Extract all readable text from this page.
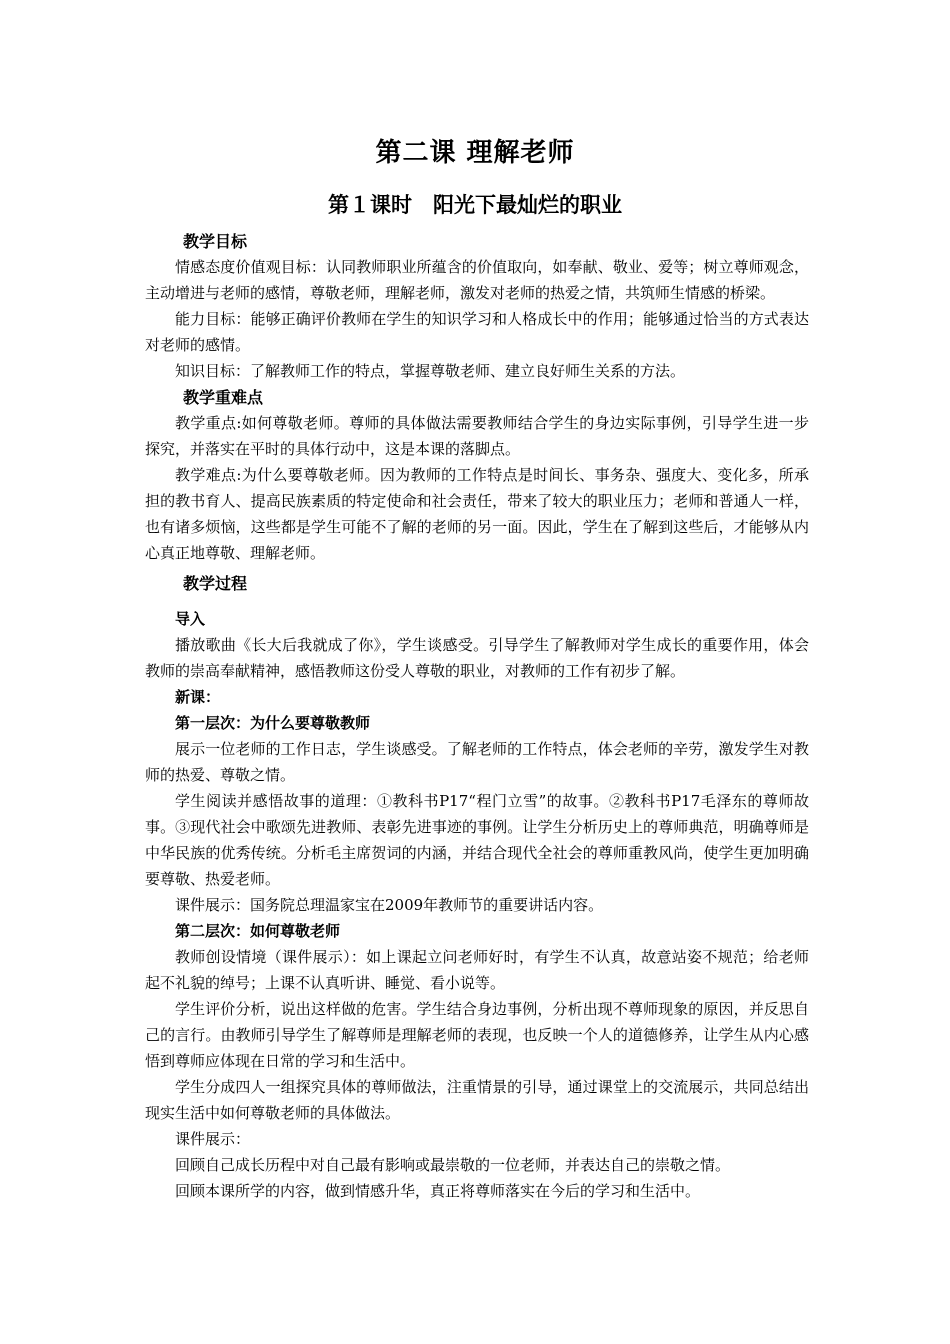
第二课 理解老师
第１课时　阳光下最灿烂的职业
教学目标

情感态度价值观目标：认同教师职业所蕴含的价值取向，如奉献、敬业、爱等；树立尊师观念，主动增进与老师的感情，尊敬老师，理解老师，激发对老师的热爱之情，共筑师生情感的桥梁。

能力目标：能够正确评价教师在学生的知识学习和人格成长中的作用；能够通过恰当的方式表达对老师的感情。

知识目标：了解教师工作的特点，掌握尊敬老师、建立良好师生关系的方法。

教学重难点

教学重点:如何尊敬老师。尊师的具体做法需要教师结合学生的身边实际事例，引导学生进一步探究，并落实在平时的具体行动中，这是本课的落脚点。

教学难点:为什么要尊敬老师。因为教师的工作特点是时间长、事务杂、强度大、变化多，所承担的教书育人、提高民族素质的特定使命和社会责任，带来了较大的职业压力；老师和普通人一样，也有诸多烦恼，这些都是学生可能不了解的老师的另一面。因此，学生在了解到这些后，才能够从内心真正地尊敬、理解老师。

教学过程
导入

播放歌曲《长大后我就成了你》，学生谈感受。引导学生了解教师对学生成长的重要作用，体会教师的崇高奉献精神，感悟教师这份受人尊敬的职业，对教师的工作有初步了解。

新课：
第一层次：为什么要尊敬教师

展示一位老师的工作日志，学生谈感受。了解老师的工作特点，体会老师的辛劳，激发学生对教师的热爱、尊敬之情。

学生阅读并感悟故事的道理：①教科书P17“程门立雪”的故事。②教科书P17毛泽东的尊师故事。③现代社会中歌颂先进教师、表彰先进事迹的事例。让学生分析历史上的尊师典范，明确尊师是中华民族的优秀传统。分析毛主席贺词的内涵，并结合现代全社会的尊师重教风尚，使学生更加明确要尊敬、热爱老师。

课件展示：国务院总理温家宝在2009年教师节的重要讲话内容。

第二层次：如何尊敬老师

教师创设情境（课件展示）：如上课起立问老师好时，有学生不认真，故意站姿不规范；给老师起不礼貌的绰号；上课不认真听讲、睡觉、看小说等。

学生评价分析，说出这样做的危害。学生结合身边事例，分析出现不尊师现象的原因，并反思自己的言行。由教师引导学生了解尊师是理解老师的表现，也反映一个人的道德修养，让学生从内心感悟到尊师应体现在日常的学习和生活中。

学生分成四人一组探究具体的尊师做法，注重情景的引导，通过课堂上的交流展示，共同总结出现实生活中如何尊敬老师的具体做法。

课件展示：

回顾自己成长历程中对自己最有影响或最崇敬的一位老师，并表达自己的崇敬之情。

回顾本课所学的内容，做到情感升华，真正将尊师落实在今后的学习和生活中。
